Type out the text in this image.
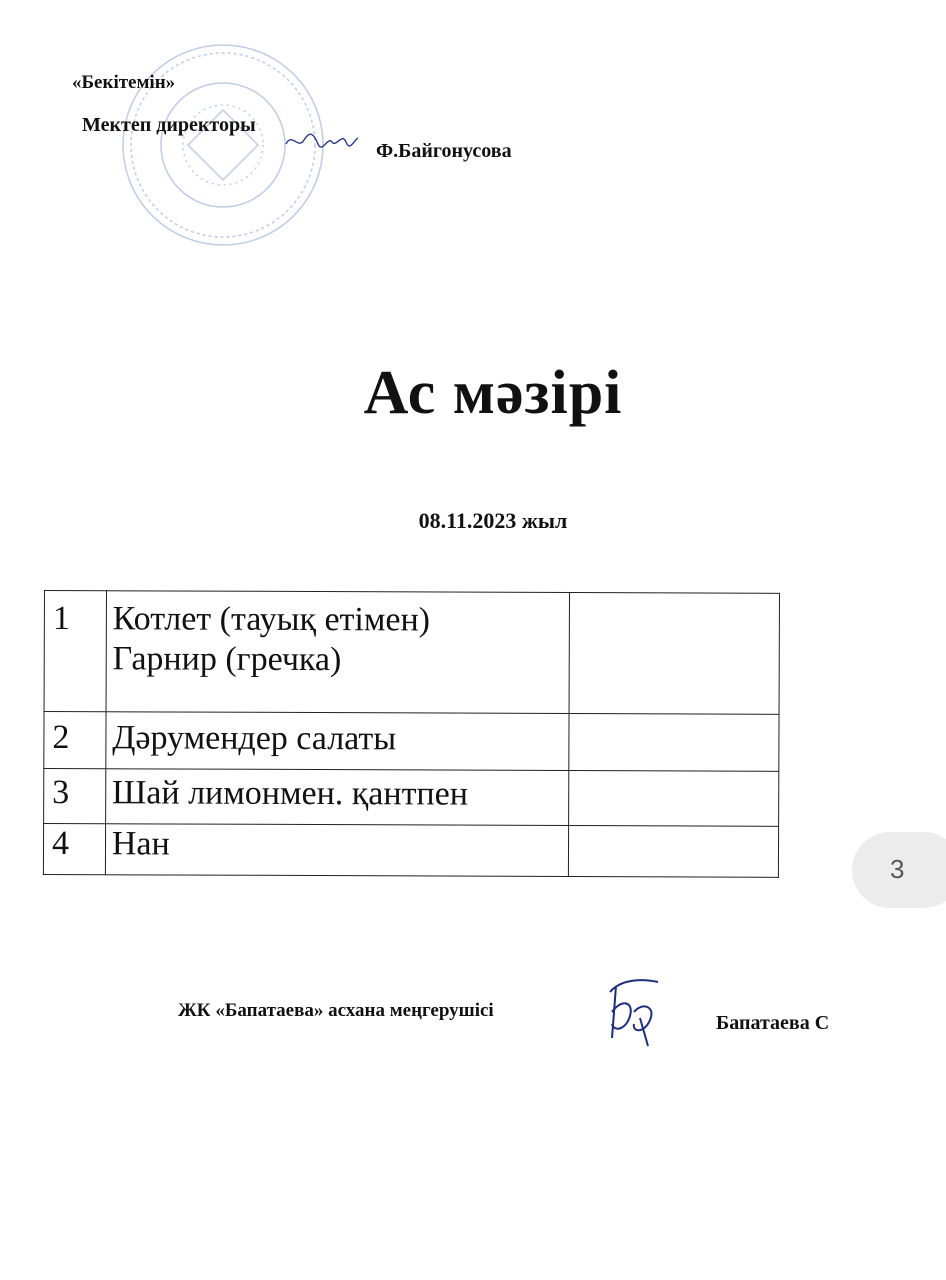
«Бекітемін»
Мектеп директоры
Ф.Байгонусова
Ас мәзірі
08.11.2023 жыл
1	Котлет (тауық етімен)
Гарнир (гречка)	

2	Дәрумендер салаты	

3	Шай лимонмен. қантпен	

4	Нан	

ЖК «Бапатаева» асхана меңгерушісі
Бапатаева С
3
